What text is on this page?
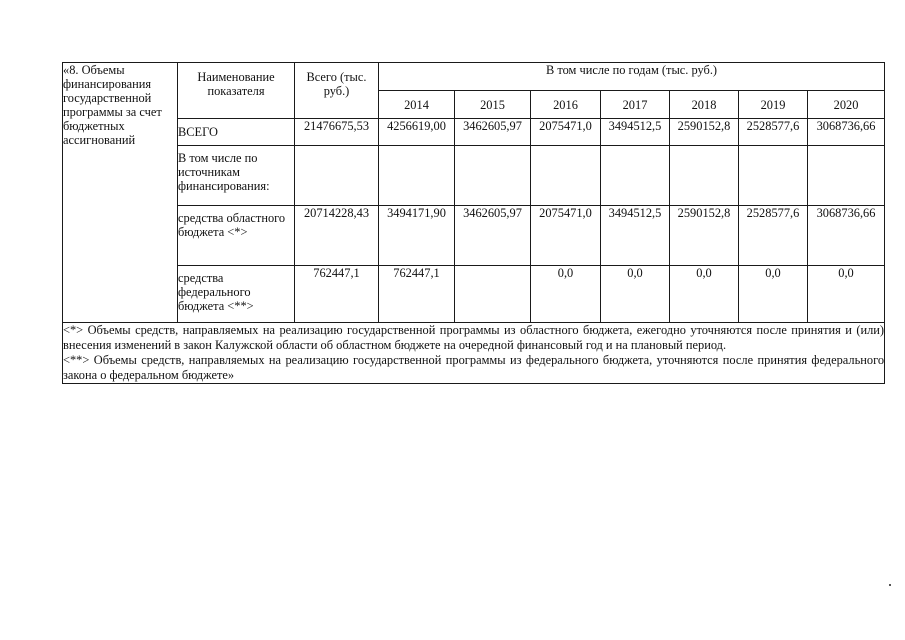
«8. Объемы финансирования государственной программы за счет бюджетных ассигнований	Наименование показателя	Всего (тыс. руб.)	В том числе по годам (тыс. руб.)						
			2014	2015	2016	2017	2018	2019	2020
	ВСЕГО	21476675,53	4256619,00	3462605,97	2075471,0	3494512,5	2590152,8	2528577,6	3068736,66
	В том числе по источникам финансирования:								
	средства областного бюджета <*>	20714228,43	3494171,90	3462605,97	2075471,0	3494512,5	2590152,8	2528577,6	3068736,66
	средства федерального бюджета <**>	762447,1	762447,1		0,0	0,0	0,0	0,0	0,0

<*> Объемы средств, направляемых на реализацию государственной программы из областного бюджета, ежегодно уточняются после принятия и (или) внесения изменений в закон Калужской области об областном бюджете на очередной финансовый год и на плановый период.

<**> Объемы средств, направляемых на реализацию государственной программы из федерального бюджета, уточняются после принятия федерального закона о федеральном бюджете»									
